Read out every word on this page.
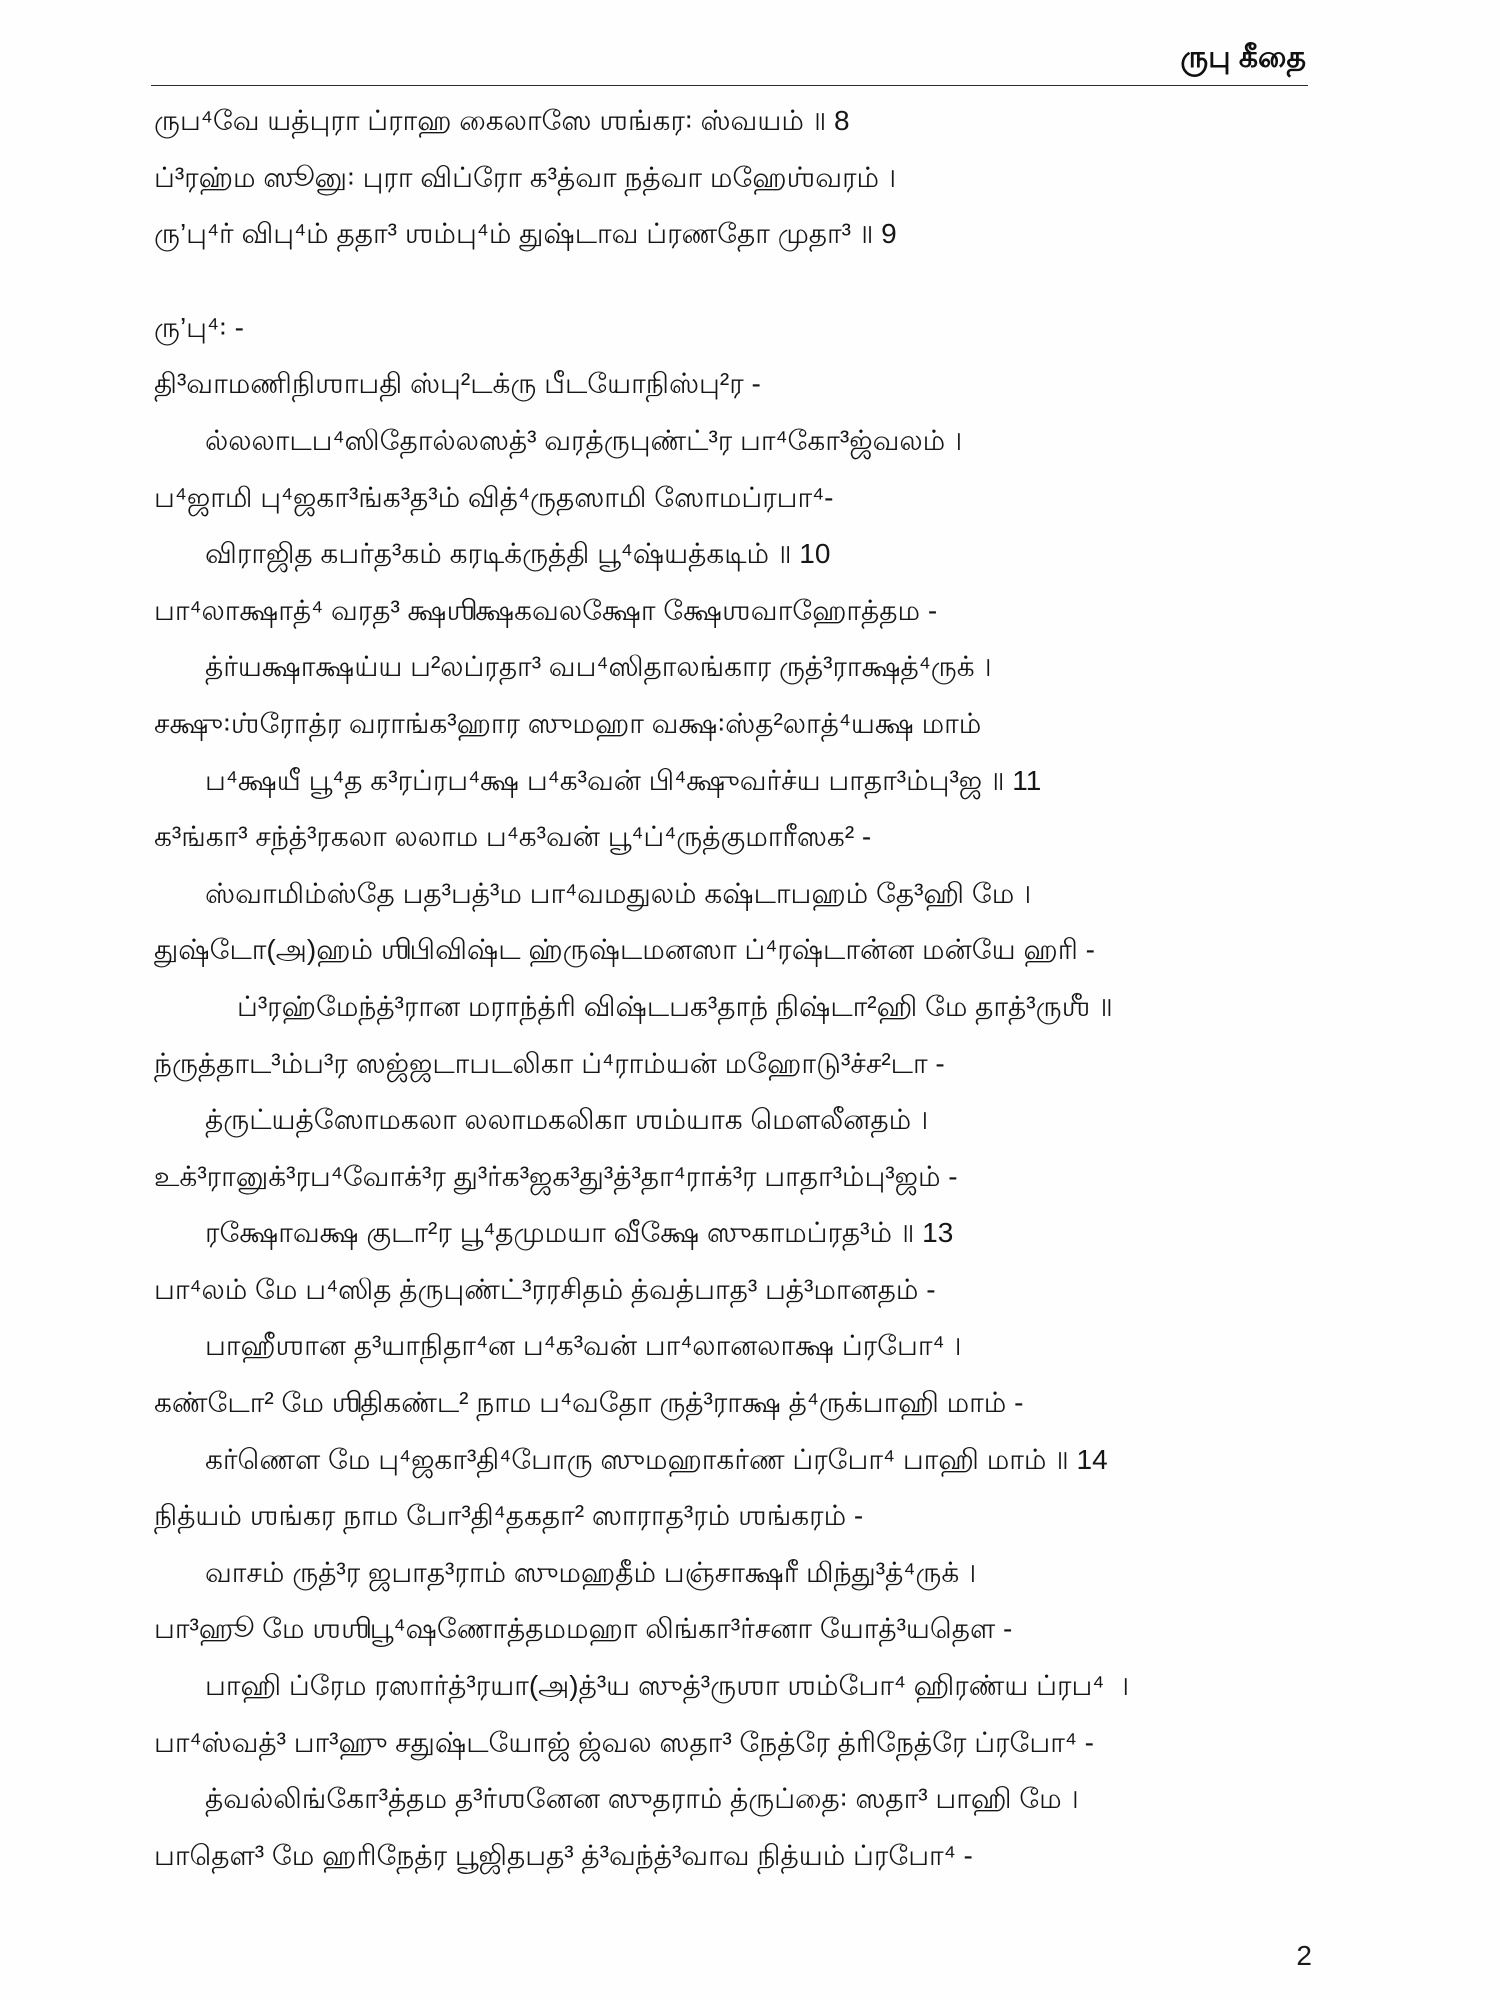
ருபு கீதை
ருப⁴வே யத்புரா ப்ராஹ கைலாஸே ஶங்கர꞉ ஸ்வயம் ॥ 8
ப்³ரஹ்ம ஸூனு꞉ புரா விப்ரோ க³த்வா நத்வா மஹேஶ்வரம் ।
ரு’பு⁴ர் விபு⁴ம் ததா³ ஶம்பு⁴ம் துஷ்டாவ ப்ரணதோ முதா³ ॥ 9
ரு’பு⁴꞉ -
தி³வாமணிநிஶாபதி ஸ்பு²டக்ரு பீடயோநிஸ்பு²ர -
ல்லலாடப⁴ஸிதோல்லஸத்³ வரத்ருபுண்ட்³ர பா⁴கோ³ஜ்வலம் ।
ப⁴ஜாமி பு⁴ஜகா³ங்க³த³ம் வித்⁴ருதஸாமி ஸோமப்ரபா⁴-
விராஜித கபர்த³கம் கரடிக்ருத்தி பூ⁴ஷ்யத்கடிம் ॥ 10
பா⁴லாக்ஷாத்⁴ வரத³ க்ஷஶிக்ஷகவலக்ஷோ க்ஷேஶவாஹோத்தம -
த்ர்யக்ஷாக்ஷய்ய ப²லப்ரதா³ வப⁴ஸிதாலங்கார ருத்³ராக்ஷத்⁴ருக் ।
சக்ஷு꞉ஶ்ரோத்ர வராங்க³ஹார ஸுமஹா வக்ஷ꞉ஸ்த²லாத்⁴யக்ஷ மாம்
ப⁴க்ஷயீ பூ⁴த க³ரப்ரப⁴க்ஷ ப⁴க³வன் பி⁴க்ஷுவர்ச்ய பாதா³ம்பு³ஜ ॥ 11
க³ங்கா³ சந்த்³ரகலா லலாம ப⁴க³வன் பூ⁴ப்⁴ருத்குமாரீஸக² -
ஸ்வாமிம்ஸ்தே பத³பத்³ம பா⁴வமதுலம் கஷ்டாபஹம் தே³ஹி மே ।
துஷ்டோ(அ)ஹம் ஶிபிவிஷ்ட ஹ்ருஷ்டமனஸா ப்⁴ரஷ்டான்ன மன்யே ஹரி -
ப்³ரஹ்மேந்த்³ரான மராந்த்ரி விஷ்டபக³தாந் நிஷ்டா²ஹி மே தாத்³ருஶீ ॥
ந்ருத்தாட³ம்ப³ர ஸஜ்ஜடாபடலிகா ப்⁴ராம்யன் மஹோடு³ச்ச²டா -
த்ருட்யத்ஸோமகலா லலாமகலிகா ஶம்யாக மௌலீனதம் ।
உக்³ரானுக்³ரப⁴வோக்³ர து³ர்க³ஜக³து³த்³தா⁴ராக்³ர பாதா³ம்பு³ஜம் -
ரக்ஷோவக்ஷ குடா²ர பூ⁴தமுமயா வீக்ஷே ஸுகாமப்ரத³ம் ॥ 13
பா⁴லம் மே ப⁴ஸித த்ருபுண்ட்³ரரசிதம் த்வத்பாத³ பத்³மானதம் -
பாஹீஶான த³யாநிதா⁴ன ப⁴க³வன் பா⁴லானலாக்ஷ ப்ரபோ⁴ ।
கண்டோ² மே ஶிதிகண்ட² நாம ப⁴வதோ ருத்³ராக்ஷ த்⁴ருக்பாஹி மாம் -
கர்ணௌ மே பு⁴ஜகா³தி⁴போரு ஸுமஹாகர்ண ப்ரபோ⁴ பாஹி மாம் ॥ 14
நித்யம் ஶங்கர நாம போ³தி⁴தகதா² ஸாராத³ரம் ஶங்கரம் -
வாசம் ருத்³ர ஜபாத³ராம் ஸுமஹதீம் பஞ்சாக்ஷரீ மிந்து³த்⁴ருக் ।
பா³ஹூ மே ஶஶிபூ⁴ஷணோத்தமமஹா லிங்கா³ர்சனா யோத்³யதௌ -
பாஹி ப்ரேம ரஸார்த்³ரயா(அ)த்³ய ஸுத்³ருஶா ஶம்போ⁴ ஹிரண்ய ப்ரப⁴  ।
பா⁴ஸ்வத்³ பா³ஹு சதுஷ்டயோஜ் ஜ்வல ஸதா³ நேத்ரே த்ரிநேத்ரே ப்ரபோ⁴ -
த்வல்லிங்கோ³த்தம த³ர்ஶனேன ஸுதராம் த்ருப்தை꞉ ஸதா³ பாஹி மே ।
பாதௌ³ மே ஹரிநேத்ர பூஜிதபத³ த்³வந்த்³வாவ நித்யம் ப்ரபோ⁴ -
2
